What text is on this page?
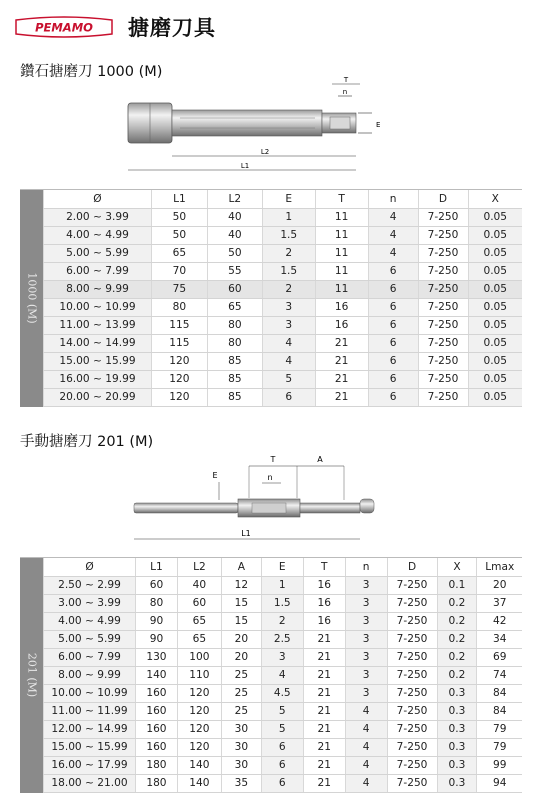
PEMAMO 搪磨刀具
鑽石搪磨刀 1000 (M)	T
n
E
L2
L1
1000 (M)
Ø	L1	L2	E	T	n	D	X
2.00 ~ 3.99	50	40	1	11	4	7-250	0.05
4.00 ~ 4.99	50	40	1.5	11	4	7-250	0.05
5.00 ~ 5.99	65	50	2	11	4	7-250	0.05
6.00 ~ 7.99	70	55	1.5	11	6	7-250	0.05
8.00 ~ 9.99	75	60	2	11	6	7-250	0.05
10.00 ~ 10.99	80	65	3	16	6	7-250	0.05
11.00 ~ 13.99	115	80	3	16	6	7-250	0.05
14.00 ~ 14.99	115	80	4	21	6	7-250	0.05
15.00 ~ 15.99	120	85	4	21	6	7-250	0.05
16.00 ~ 19.99	120	85	5	21	6	7-250	0.05
20.00 ~ 20.99	120	85	6	21	6	7-250	0.05
手動搪磨刀 201 (M)
T	A
n
E
L1
201 (M)
Ø	L1	L2	A	E	T	n	D	X	Lmax
2.50 ~ 2.99	60	40	12	1	16	3	7-250	0.1	20
3.00 ~ 3.99	80	60	15	1.5	16	3	7-250	0.2	37
4.00 ~ 4.99	90	65	15	2	16	3	7-250	0.2	42
5.00 ~ 5.99	90	65	20	2.5	21	3	7-250	0.2	34
6.00 ~ 7.99	130	100	20	3	21	3	7-250	0.2	69
8.00 ~ 9.99	140	110	25	4	21	3	7-250	0.2	74
10.00 ~ 10.99	160	120	25	4.5	21	3	7-250	0.3	84
11.00 ~ 11.99	160	120	25	5	21	4	7-250	0.3	84
12.00 ~ 14.99	160	120	30	5	21	4	7-250	0.3	79
15.00 ~ 15.99	160	120	30	6	21	4	7-250	0.3	79
16.00 ~ 17.99	180	140	30	6	21	4	7-250	0.3	99
18.00 ~ 21.00	180	140	35	6	21	4	7-250	0.3	94
